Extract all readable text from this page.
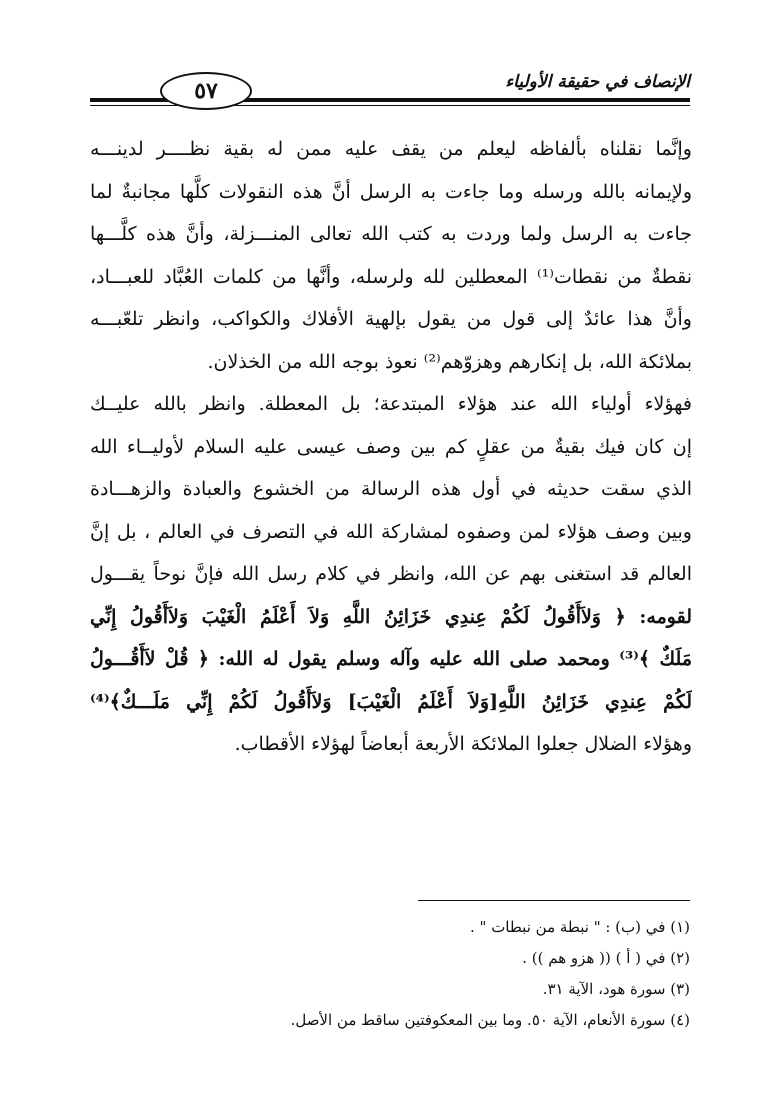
الإنصاف في حقيقة الأولياء
٥٧
وإنَّما نقلناه بألفاظه ليعلم من يقف عليه ممن له بقية نظــــر لدينـــه
ولإيمانه بالله ورسله وما جاءت به الرسل أنَّ هذه النقولات كلَّها مجانبةٌ لما
جاءت به الرسل ولما وردت به كتب الله تعالى المنـــزلة، وأنَّ هذه كلَّـــها
نقطةٌ من نقطات⁽¹⁾ المعطلين لله ولرسله، وأنَّها من كلمات العُبَّاد للعبـــاد،
وأنَّ هذا عائدٌ إلى قول من يقول بإلهية الأفلاك والكواكب، وانظر تلعّبـــه
بملائكة الله، بل إنكارهم وهزوّهم⁽²⁾ نعوذ بوجه الله من الخذلان.
فهؤلاء أولياء الله عند هؤلاء المبتدعة؛ بل المعطلة. وانظر بالله عليــك
إن كان فيك بقيةٌ من عقلٍ كم بين وصف عيسى عليه السلام لأوليــاء الله
الذي سقت حديثه في أول هذه الرسالة من الخشوع والعبادة والزهـــادة
وبين وصف هؤلاء لمن وصفوه لمشاركة الله في التصرف في العالم ، بل إنَّ
العالم قد استغنى بهم عن الله، وانظر في كلام رسل الله فإنَّ نوحاً يقـــول
لقومه: ﴿ وَلاَأَقُولُ لَكُمْ عِندِي خَزَائِنُ اللَّهِ وَلاَ أَعْلَمُ الْغَيْبَ وَلاَأَقُولُ إِنِّي
مَلَكٌ ﴾⁽³⁾ ومحمد صلى الله عليه وآله وسلم يقول له الله: ﴿ قُلْ لاَأَقُـــولُ
لَكُمْ عِندِي خَزَائِنُ اللَّهِ[وَلاَ أَعْلَمُ الْغَيْبَ] وَلاَأَقُولُ لَكُمْ إِنِّي مَلَـــكٌ﴾⁽⁴⁾
وهؤلاء الضلال جعلوا الملائكة الأربعة أبعاضاً لهؤلاء الأقطاب.
(١) في (ب) : " نبطة من نبطات " .
(٢) في ( أ ) (( هزو هم )) .
(٣) سورة هود، الآية ٣١.
(٤) سورة الأنعام، الآية ٥٠. وما بين المعكوفتين ساقط من الأصل.
